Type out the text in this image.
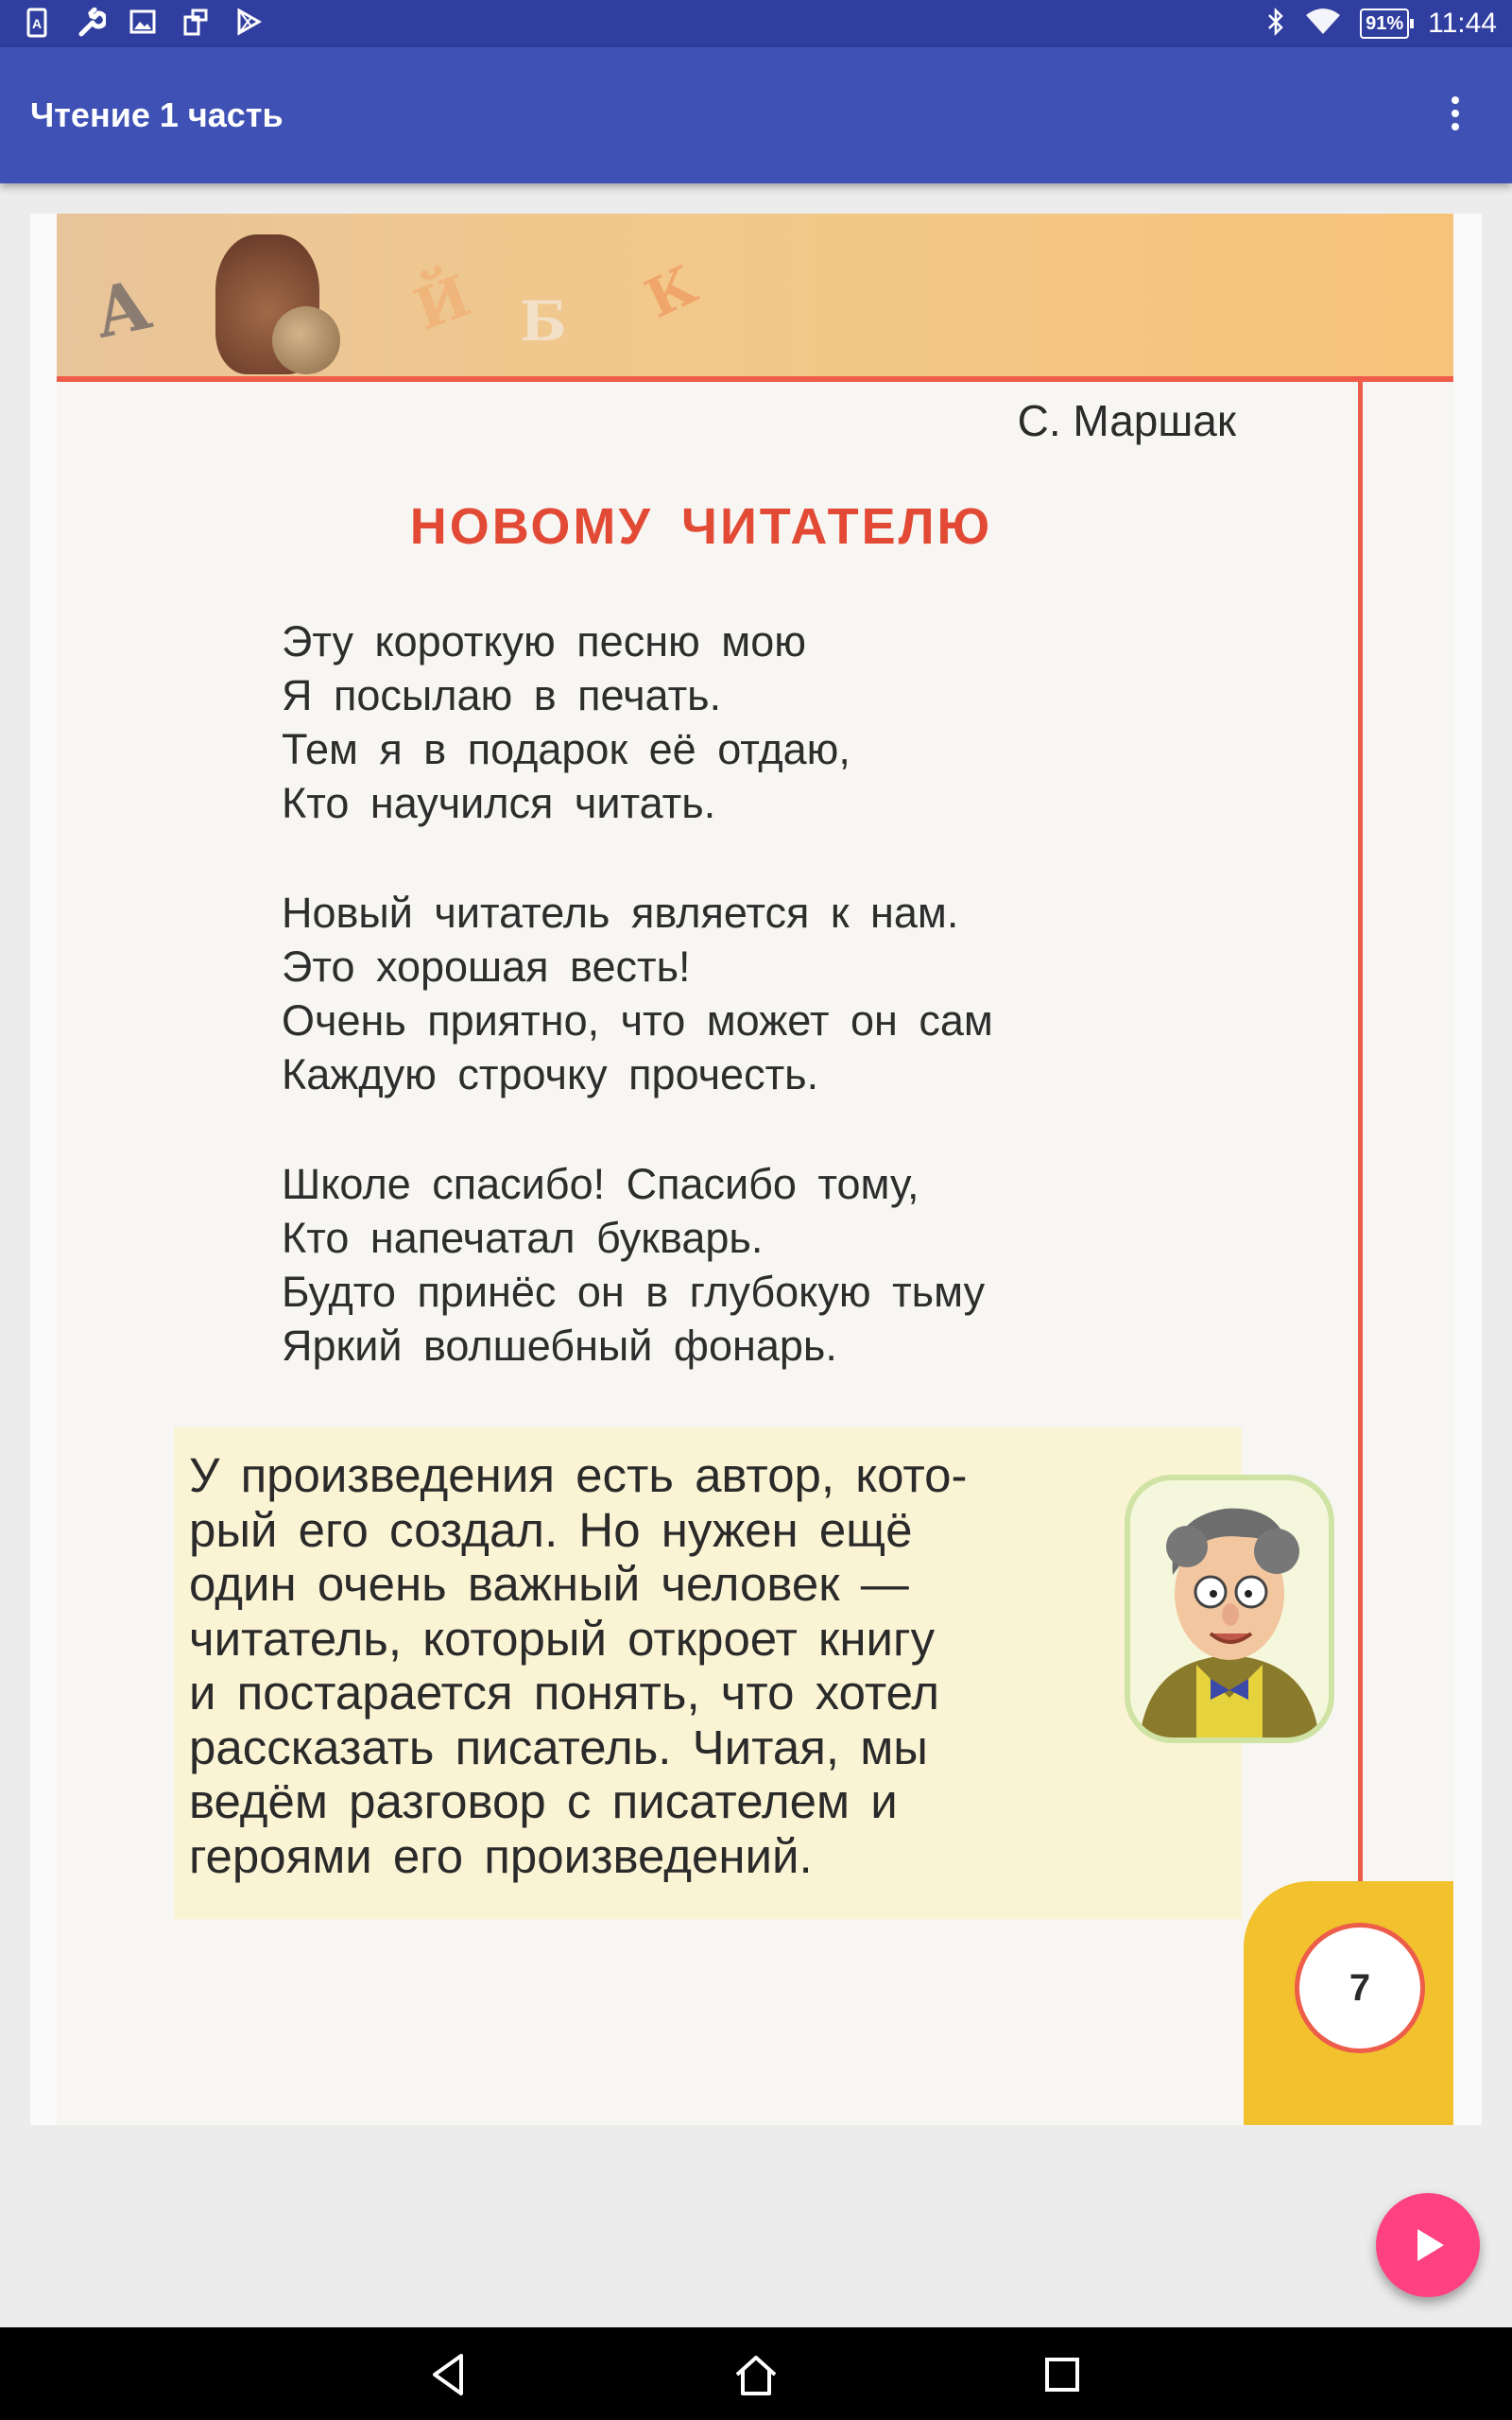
A	91% 11:44
Чтение 1 часть
А	Й Б К
С. Маршак
НОВОМУ ЧИТАТЕЛЮ
Эту короткую песню мою
Я посылаю в печать.
Тем я в подарок её отдаю,
Кто научился читать.
Новый читатель является к нам.
Это хорошая весть!
Очень приятно, что может он сам
Каждую строчку прочесть.
Школе спасибо! Спасибо тому,
Кто напечатал букварь.
Будто принёс он в глубокую тьму
Яркий волшебный фонарь.
У произведения есть автор, кото-
рый его создал. Но нужен ещё
один очень важный человек —
читатель, который откроет книгу
и постарается понять, что хотел
рассказать писатель. Читая, мы
ведём разговор с писателем и
героями его произведений.
7
